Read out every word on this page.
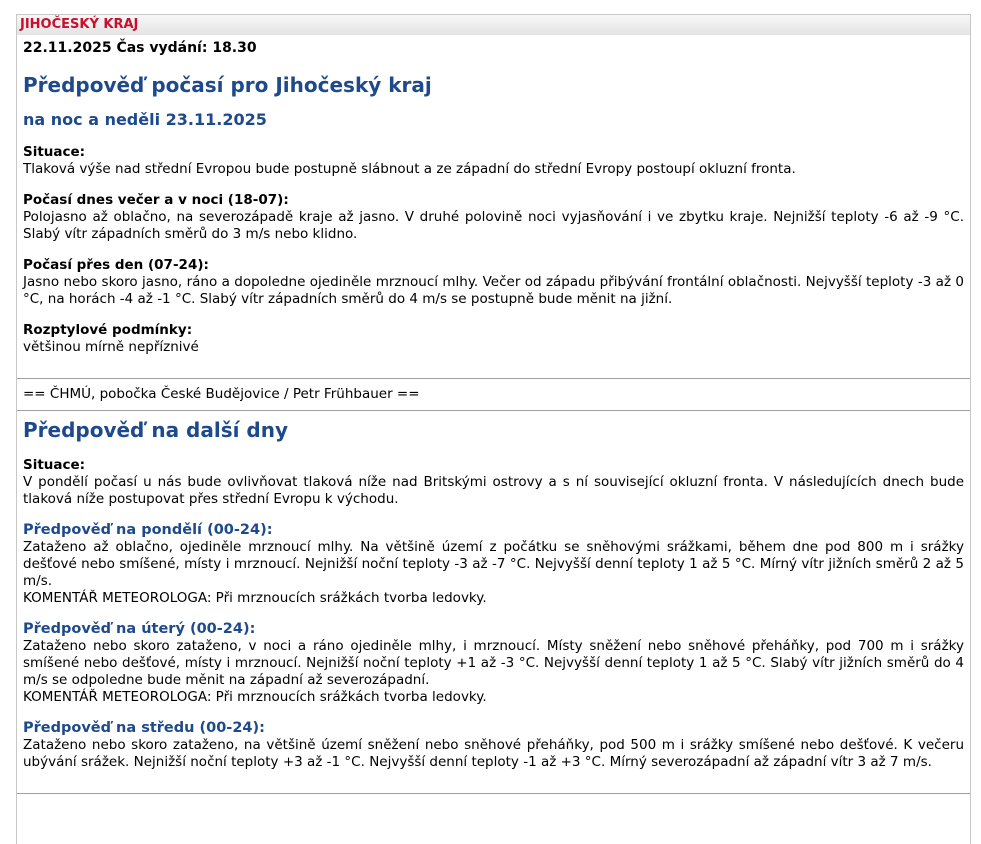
JIHOČESKÝ KRAJ
22.11.2025 Čas vydání: 18.30
Předpověď počasí pro Jihočeský kraj
na noc a neděli 23.11.2025
Situace:
Tlaková výše nad střední Evropou bude postupně slábnout a ze západní do střední Evropy postoupí okluzní fronta.
Počasí dnes večer a v noci (18-07):
Polojasno až oblačno, na severozápadě kraje až jasno. V druhé polovině noci vyjasňování i ve zbytku kraje. Nejnižší teploty -6 až -9 °C. Slabý vítr západních směrů do 3 m/s nebo klidno.
Počasí přes den (07-24):
Jasno nebo skoro jasno, ráno a dopoledne ojediněle mrznoucí mlhy. Večer od západu přibývání frontální oblačnosti. Nejvyšší teploty -3 až 0 °C, na horách -4 až -1 °C. Slabý vítr západních směrů do 4 m/s se postupně bude měnit na jižní.
Rozptylové podmínky:
většinou mírně nepříznivé
== ČHMÚ, pobočka České Budějovice / Petr Frühbauer ==
Předpověď na další dny
Situace:
V pondělí počasí u nás bude ovlivňovat tlaková níže nad Britskými ostrovy a s ní související okluzní fronta. V následujících dnech bude tlaková níže postupovat přes střední Evropu k východu.
Předpověď na pondělí (00-24):
Zataženo až oblačno, ojediněle mrznoucí mlhy. Na většině území z počátku se sněhovými srážkami, během dne pod 800 m i srážky dešťové nebo smíšené, místy i mrznoucí. Nejnižší noční teploty -3 až -7 °C. Nejvyšší denní teploty 1 až 5 °C. Mírný vítr jižních směrů 2 až 5 m/s.
KOMENTÁŘ METEOROLOGA: Při mrznoucích srážkách tvorba ledovky.
Předpověď na úterý (00-24):
Zataženo nebo skoro zataženo, v noci a ráno ojediněle mlhy, i mrznoucí. Místy sněžení nebo sněhové přeháňky, pod 700 m i srážky smíšené nebo dešťové, místy i mrznoucí. Nejnižší noční teploty +1 až -3 °C. Nejvyšší denní teploty 1 až 5 °C. Slabý vítr jižních směrů do 4 m/s se odpoledne bude měnit na západní až severozápadní.
KOMENTÁŘ METEOROLOGA: Při mrznoucích srážkách tvorba ledovky.
Předpověď na středu (00-24):
Zataženo nebo skoro zataženo, na většině území sněžení nebo sněhové přeháňky, pod 500 m i srážky smíšené nebo dešťové. K večeru ubývání srážek. Nejnižší noční teploty +3 až -1 °C. Nejvyšší denní teploty -1 až +3 °C. Mírný severozápadní až západní vítr 3 až 7 m/s.
